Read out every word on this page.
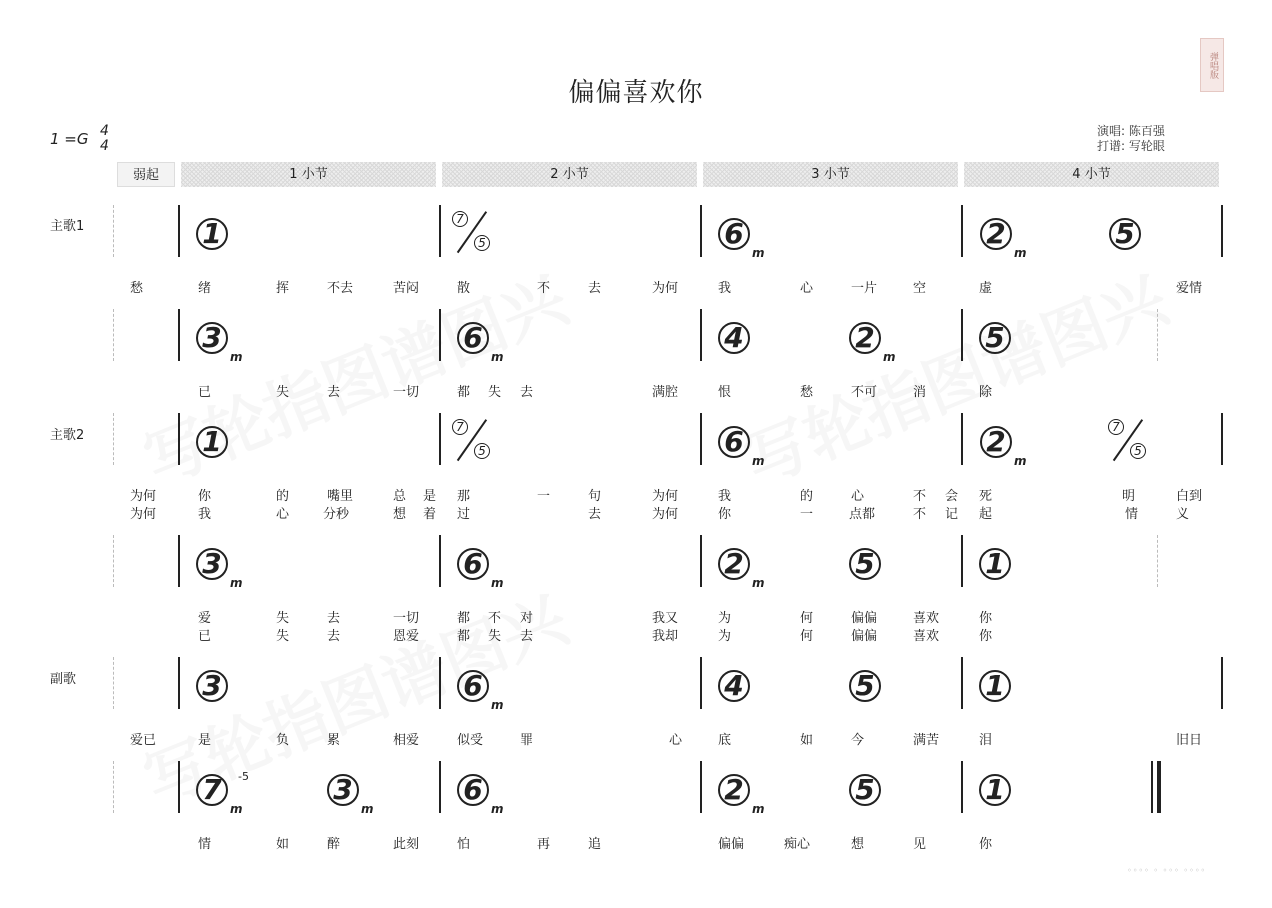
弹唱版
偏偏喜欢你
1 =G 4
4
演唱: 陈百强
打谱: 写轮眼
弱起	1 小节	2 小节	3 小节	4 小节
主歌1
主歌2
副歌
1	7
5	$6_m$
$2_m$
5
愁	绪	挥	不去	苦闷	散	不	去	为何	我	心	一片	空	虚	爱情
$3_m$
$6_m$
4	$2_m$
5
已	失	去	一切	都 失 去	满腔	恨	愁	不可	消	除
1	7
5	$6_m$
$2_m$
7
5
为何	你	的	嘴里	总 是 那	一	句	为何	我	的	心	不 会 死	明	白到
为何	我	心	分秒	想 着 过	去	为何	你	一	点都	不 记 起	情	义
$3_m$
$6_m$
$2_m$
5	1
爱	失	去	一切	都 不 对	我又	为	何	偏偏	喜欢	你
已	失	去	恩爱	都 失 去	我却	为	何	偏偏	喜欢	你
3	$6_m$
4	5	1
爱已	是	负	累	相爱	似受	罪	心	底	如	今	满苦	泪	旧日
$7_m$
-5	$3_m$
$6_m$
$2_m$
5	1
情	如	醉	此刻	怕	再	追	偏偏	痴心	想	见	你
◦◦◦◦ ◦ ◦◦◦ ◦◦◦◦
